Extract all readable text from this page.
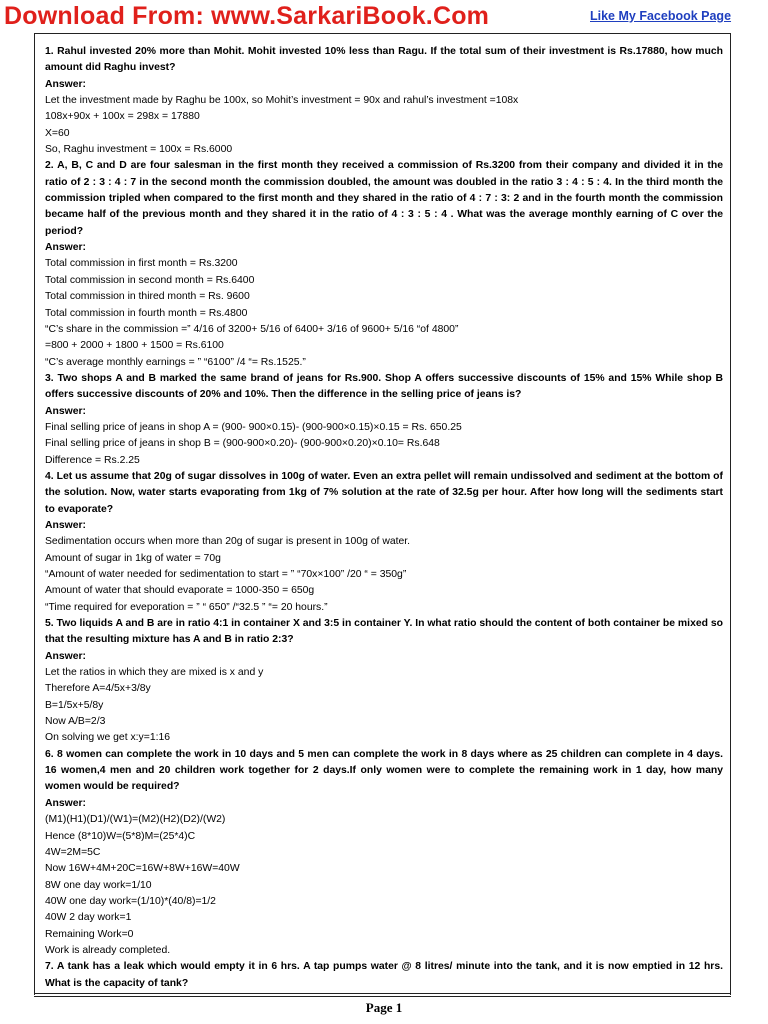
Download From: www.SarkariBook.Com	Like My Facebook Page
1. Rahul invested 20% more than Mohit. Mohit invested 10% less than Ragu. If the total sum of their investment is Rs.17880, how much amount did Raghu invest?
Answer:
Let the investment made by Raghu be 100x, so Mohit’s investment = 90x and rahul’s investment =108x
108x+90x + 100x = 298x = 17880
X=60
So, Raghu investment = 100x = Rs.6000
2. A, B, C and D are four salesman in the first month they received a commission of Rs.3200 from their company and divided it in the ratio of 2 : 3 : 4 : 7 in the second month the commission doubled, the amount was doubled in the ratio 3 : 4 : 5 : 4. In the third month the commission tripled when compared to the first month and they shared in the ratio of 4 : 7 : 3: 2 and in the fourth month the commission became half of the previous month and they shared it in the ratio of 4 : 3 : 5 : 4 . What was the average monthly earning of C over the period?
Answer:
Total commission in first month = Rs.3200
Total commission in second month = Rs.6400
Total commission in thired month = Rs. 9600
Total commission in fourth month = Rs.4800
“C’s share in the commission =” 4/16 of 3200+ 5/16 of 6400+ 3/16 of 9600+ 5/16 “of 4800”
=800 + 2000 + 1800 + 1500 = Rs.6100
“C’s average monthly earnings = ” “6100” /4 “= Rs.1525.”
3. Two shops A and B marked the same brand of jeans for Rs.900. Shop A offers successive discounts of 15% and 15% While shop B offers successive discounts of 20% and 10%. Then the difference in the selling price of jeans is?
Answer:
Final selling price of jeans in shop A = (900- 900×0.15)- (900-900×0.15)×0.15 = Rs. 650.25
Final selling price of jeans in shop B = (900-900×0.20)- (900-900×0.20)×0.10= Rs.648
Difference = Rs.2.25
4. Let us assume that 20g of sugar dissolves in 100g of water. Even an extra pellet will remain undissolved and sediment at the bottom of the solution. Now, water starts evaporating from 1kg of 7% solution at the rate of 32.5g per hour. After how long will the sediments start to evaporate?
Answer:
Sedimentation occurs when more than 20g of sugar is present in 100g of water.
Amount of sugar in 1kg of water = 70g
“Amount of water needed for sedimentation to start = ” “70x×100” /20 “ = 350g”
Amount of water that should evaporate = 1000-350 = 650g
“Time required for eveporation = ” “ 650” /“32.5 ” “= 20 hours.”
5. Two liquids A and B are in ratio 4:1 in container X and 3:5 in container Y. In what ratio should the content of both container be mixed so that the resulting mixture has A and B in ratio 2:3?
Answer:
Let the ratios in which they are mixed is x and y
Therefore A=4/5x+3/8y
B=1/5x+5/8y
Now A/B=2/3
On solving we get x:y=1:16
6. 8 women can complete the work in 10 days and 5 men can complete the work in 8 days where as 25 children can complete in 4 days. 16 women,4 men and 20 children work together for 2 days.If only women were to complete the remaining work in 1 day, how many women would be required?
Answer:
(M1)(H1)(D1)/(W1)=(M2)(H2)(D2)/(W2)
Hence (8*10)W=(5*8)M=(25*4)C
4W=2M=5C
Now 16W+4M+20C=16W+8W+16W=40W
8W one day work=1/10
40W one day work=(1/10)*(40/8)=1/2
40W 2 day work=1
Remaining Work=0
Work is already completed.
7. A tank has a leak which would empty it in 6 hrs. A tap pumps water @ 8 litres/ minute into the tank, and it is now emptied in 12 hrs. What is the capacity of tank?
Page 1
